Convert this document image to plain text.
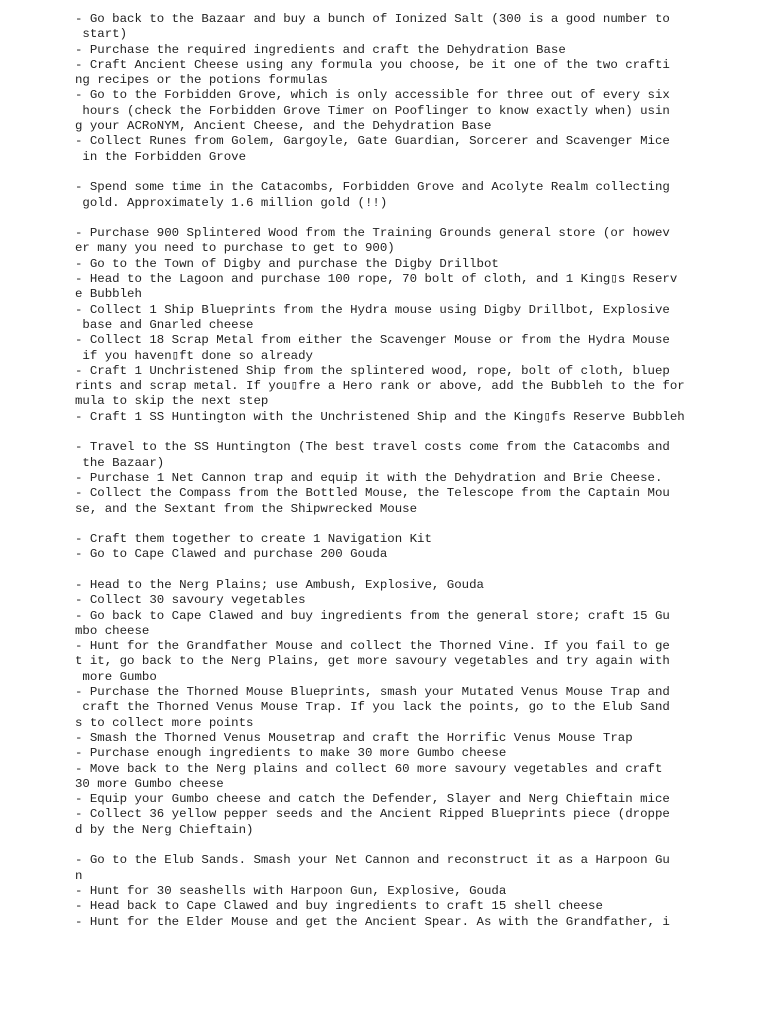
- Go back to the Bazaar and buy a bunch of Ionized Salt (300 is a good number to
start)
- Purchase the required ingredients and craft the Dehydration Base
- Craft Ancient Cheese using any formula you choose, be it one of the two crafti
ng recipes or the potions formulas
- Go to the Forbidden Grove, which is only accessible for three out of every six
hours (check the Forbidden Grove Timer on Pooflinger to know exactly when) usin
g your ACRoNYM, Ancient Cheese, and the Dehydration Base
- Collect Runes from Golem, Gargoyle, Gate Guardian, Sorcerer and Scavenger Mice
in the Forbidden Grove
- Spend some time in the Catacombs, Forbidden Grove and Acolyte Realm collecting
gold. Approximately 1.6 million gold (!!)
- Purchase 900 Splintered Wood from the Training Grounds general store (or howev
er many you need to purchase to get to 900)
- Go to the Town of Digby and purchase the Digby Drillbot
- Head to the Lagoon and purchase 100 rope, 70 bolt of cloth, and 1 King▯s Reserv
e Bubbleh
- Collect 1 Ship Blueprints from the Hydra mouse using Digby Drillbot, Explosive
base and Gnarled cheese
- Collect 18 Scrap Metal from either the Scavenger Mouse or from the Hydra Mouse
if you haven▯ft done so already
- Craft 1 Unchristened Ship from the splintered wood, rope, bolt of cloth, bluep
rints and scrap metal. If you▯fre a Hero rank or above, add the Bubbleh to the for
mula to skip the next step
- Craft 1 SS Huntington with the Unchristened Ship and the King▯fs Reserve Bubbleh
- Travel to the SS Huntington (The best travel costs come from the Catacombs and
the Bazaar)
- Purchase 1 Net Cannon trap and equip it with the Dehydration and Brie Cheese.
- Collect the Compass from the Bottled Mouse, the Telescope from the Captain Mou
se, and the Sextant from the Shipwrecked Mouse
- Craft them together to create 1 Navigation Kit
- Go to Cape Clawed and purchase 200 Gouda
- Head to the Nerg Plains; use Ambush, Explosive, Gouda
- Collect 30 savoury vegetables
- Go back to Cape Clawed and buy ingredients from the general store; craft 15 Gu
mbo cheese
- Hunt for the Grandfather Mouse and collect the Thorned Vine. If you fail to ge
t it, go back to the Nerg Plains, get more savoury vegetables and try again with
more Gumbo
- Purchase the Thorned Mouse Blueprints, smash your Mutated Venus Mouse Trap and
craft the Thorned Venus Mouse Trap. If you lack the points, go to the Elub Sand
s to collect more points
- Smash the Thorned Venus Mousetrap and craft the Horrific Venus Mouse Trap
- Purchase enough ingredients to make 30 more Gumbo cheese
- Move back to the Nerg plains and collect 60 more savoury vegetables and craft
30 more Gumbo cheese
- Equip your Gumbo cheese and catch the Defender, Slayer and Nerg Chieftain mice
- Collect 36 yellow pepper seeds and the Ancient Ripped Blueprints piece (droppe
d by the Nerg Chieftain)
- Go to the Elub Sands. Smash your Net Cannon and reconstruct it as a Harpoon Gu
n
- Hunt for 30 seashells with Harpoon Gun, Explosive, Gouda
- Head back to Cape Clawed and buy ingredients to craft 15 shell cheese
- Hunt for the Elder Mouse and get the Ancient Spear. As with the Grandfather, i
